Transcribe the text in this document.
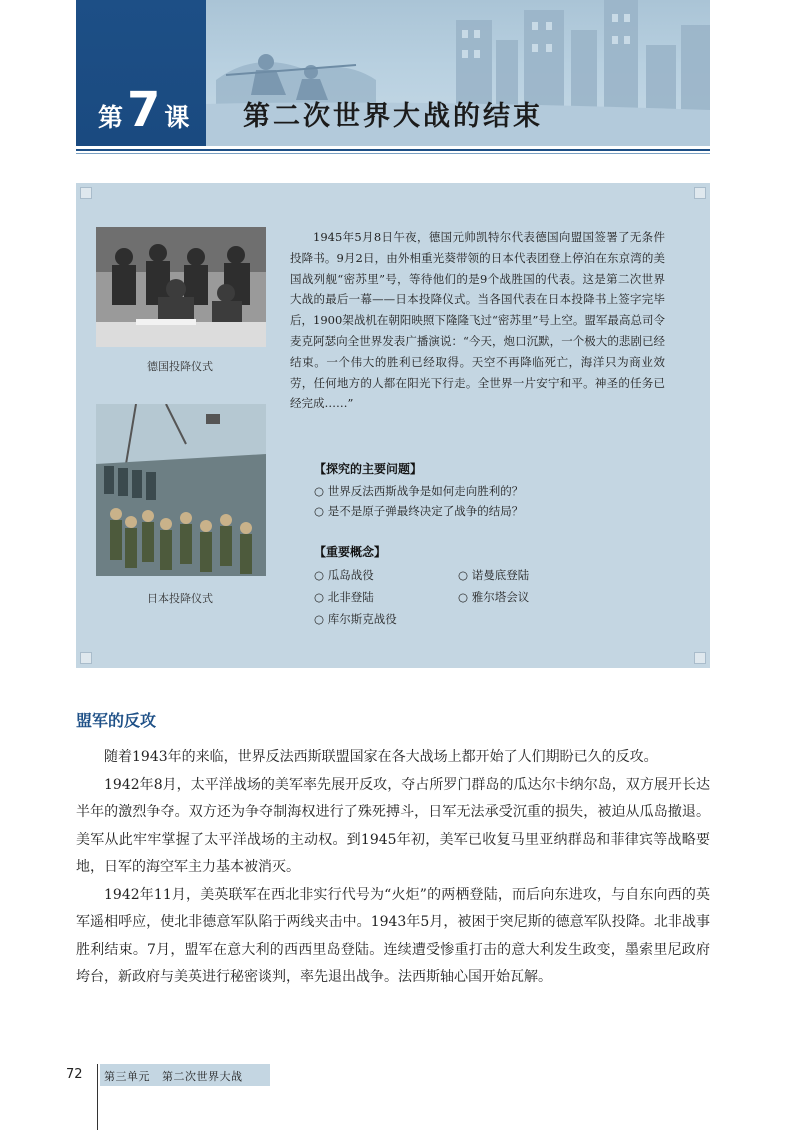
第 7 课 第二次世界大战的结束
德国投降仪式
日本投降仪式
1945年5月8日午夜，德国元帅凯特尔代表德国向盟国签署了无条件投降书。9月2日，由外相重光葵带领的日本代表团登上停泊在东京湾的美国战列舰“密苏里”号，等待他们的是9个战胜国的代表。这是第二次世界大战的最后一幕——日本投降仪式。当各国代表在日本投降书上签字完毕后，1900架战机在朝阳映照下隆隆飞过“密苏里”号上空。盟军最高总司令麦克阿瑟向全世界发表广播演说：“今天，炮口沉默，一个极大的悲剧已经结束。一个伟大的胜利已经取得。天空不再降临死亡，海洋只为商业效劳，任何地方的人都在阳光下行走。全世界一片安宁和平。神圣的任务已经完成……”
【探究的主要问题】
○ 世界反法西斯战争是如何走向胜利的？
○ 是不是原子弹最终决定了战争的结局？
【重要概念】
○ 瓜岛战役	○ 诺曼底登陆
○ 北非登陆	○ 雅尔塔会议
○ 库尔斯克战役
盟军的反攻

随着1943年的来临，世界反法西斯联盟国家在各大战场上都开始了人们期盼已久的反攻。

1942年8月，太平洋战场的美军率先展开反攻，夺占所罗门群岛的瓜达尔卡纳尔岛，双方展开长达半年的激烈争夺。双方还为争夺制海权进行了殊死搏斗，日军无法承受沉重的损失，被迫从瓜岛撤退。美军从此牢牢掌握了太平洋战场的主动权。到1945年初，美军已收复马里亚纳群岛和菲律宾等战略要地，日军的海空军主力基本被消灭。

1942年11月，美英联军在西北非实行代号为“火炬”的两栖登陆，而后向东进攻，与自东向西的英军遥相呼应，使北非德意军队陷于两线夹击中。1943年5月，被困于突尼斯的德意军队投降。北非战事胜利结束。7月，盟军在意大利的西西里岛登陆。连续遭受惨重打击的意大利发生政变，墨索里尼政府垮台，新政府与美英进行秘密谈判，率先退出战争。法西斯轴心国开始瓦解。

72 第三单元   第二次世界大战
